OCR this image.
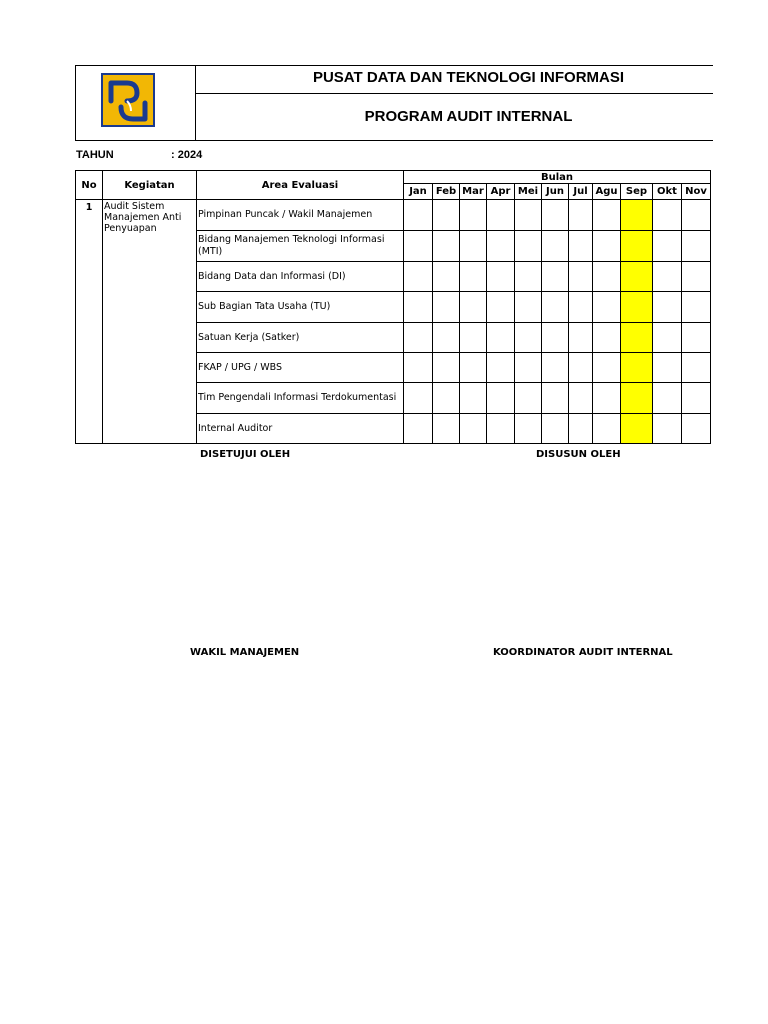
PUSAT DATA DAN TEKNOLOGI INFORMASI
PROGRAM AUDIT INTERNAL
TAHUN	: 2024
No	Kegiatan	Area Evaluasi	Bulan										
			Jan	Feb	Mar	Apr	Mei	Jun	Jul	Agu	Sep	Okt	Nov
1	Audit Sistem Manajemen Anti Penyuapan	Pimpinan Puncak / Wakil Manajemen											
		Bidang Manajemen Teknologi Informasi (MTI)											
		Bidang Data dan Informasi (DI)											
		Sub Bagian Tata Usaha (TU)											
		Satuan Kerja (Satker)											
		FKAP / UPG / WBS											
		Tim Pengendali Informasi Terdokumentasi											
		Internal Auditor											
DISETUJUI OLEH	DISUSUN OLEH
WAKIL MANAJEMEN	KOORDINATOR AUDIT INTERNAL
